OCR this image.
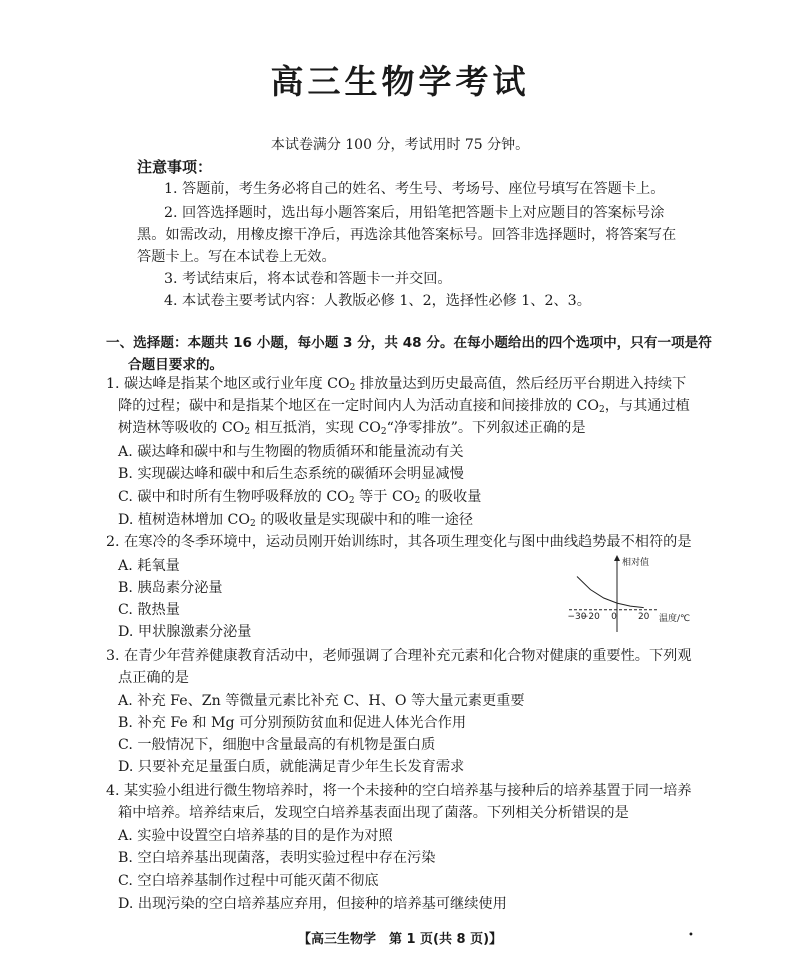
高三生物学考试
本试卷满分 100 分，考试用时 75 分钟。
注意事项：
1. 答题前，考生务必将自己的姓名、考生号、考场号、座位号填写在答题卡上。
2. 回答选择题时，选出每小题答案后，用铅笔把答题卡上对应题目的答案标号涂
黑。如需改动，用橡皮擦干净后，再选涂其他答案标号。回答非选择题时，将答案写在
答题卡上。写在本试卷上无效。
3. 考试结束后，将本试卷和答题卡一并交回。
4. 本试卷主要考试内容：人教版必修 1、2，选择性必修 1、2、3。
一、选择题：本题共 16 小题，每小题 3 分，共 48 分。在每小题给出的四个选项中，只有一项是符
合题目要求的。
1. 碳达峰是指某个地区或行业年度 $CO_2$ 排放量达到历史最高值，然后经历平台期进入持续下
降的过程；碳中和是指某个地区在一定时间内人为活动直接和间接排放的 $CO_2$，与其通过植
树造林等吸收的 $CO_2$ 相互抵消，实现 $CO_2“$净零排放”。下列叙述正确的是
A. 碳达峰和碳中和与生物圈的物质循环和能量流动有关
B. 实现碳达峰和碳中和后生态系统的碳循环会明显减慢
C. 碳中和时所有生物呼吸释放的 $CO_2$ 等于 $CO_2$ 的吸收量
D. 植树造林增加 $CO_2$ 的吸收量是实现碳中和的唯一途径
2. 在寒冷的冬季环境中，运动员刚开始训练时，其各项生理变化与图中曲线趋势最不相符的是
A. 耗氧量
B. 胰岛素分泌量
C. 散热量
D. 甲状腺激素分泌量
相对值
温度/℃
−30
−20 0 20
3. 在青少年营养健康教育活动中，老师强调了合理补充元素和化合物对健康的重要性。下列观
点正确的是
A. 补充 Fe、Zn 等微量元素比补充 C、H、O 等大量元素更重要
B. 补充 Fe 和 Mg 可分别预防贫血和促进人体光合作用
C. 一般情况下，细胞中含量最高的有机物是蛋白质
D. 只要补充足量蛋白质，就能满足青少年生长发育需求
4. 某实验小组进行微生物培养时，将一个未接种的空白培养基与接种后的培养基置于同一培养
箱中培养。培养结束后，发现空白培养基表面出现了菌落。下列相关分析错误的是
A. 实验中设置空白培养基的目的是作为对照
B. 空白培养基出现菌落，表明实验过程中存在污染
C. 空白培养基制作过程中可能灭菌不彻底
D. 出现污染的空白培养基应弃用，但接种的培养基可继续使用
【高三生物学　第 1 页(共 8 页)】	•
